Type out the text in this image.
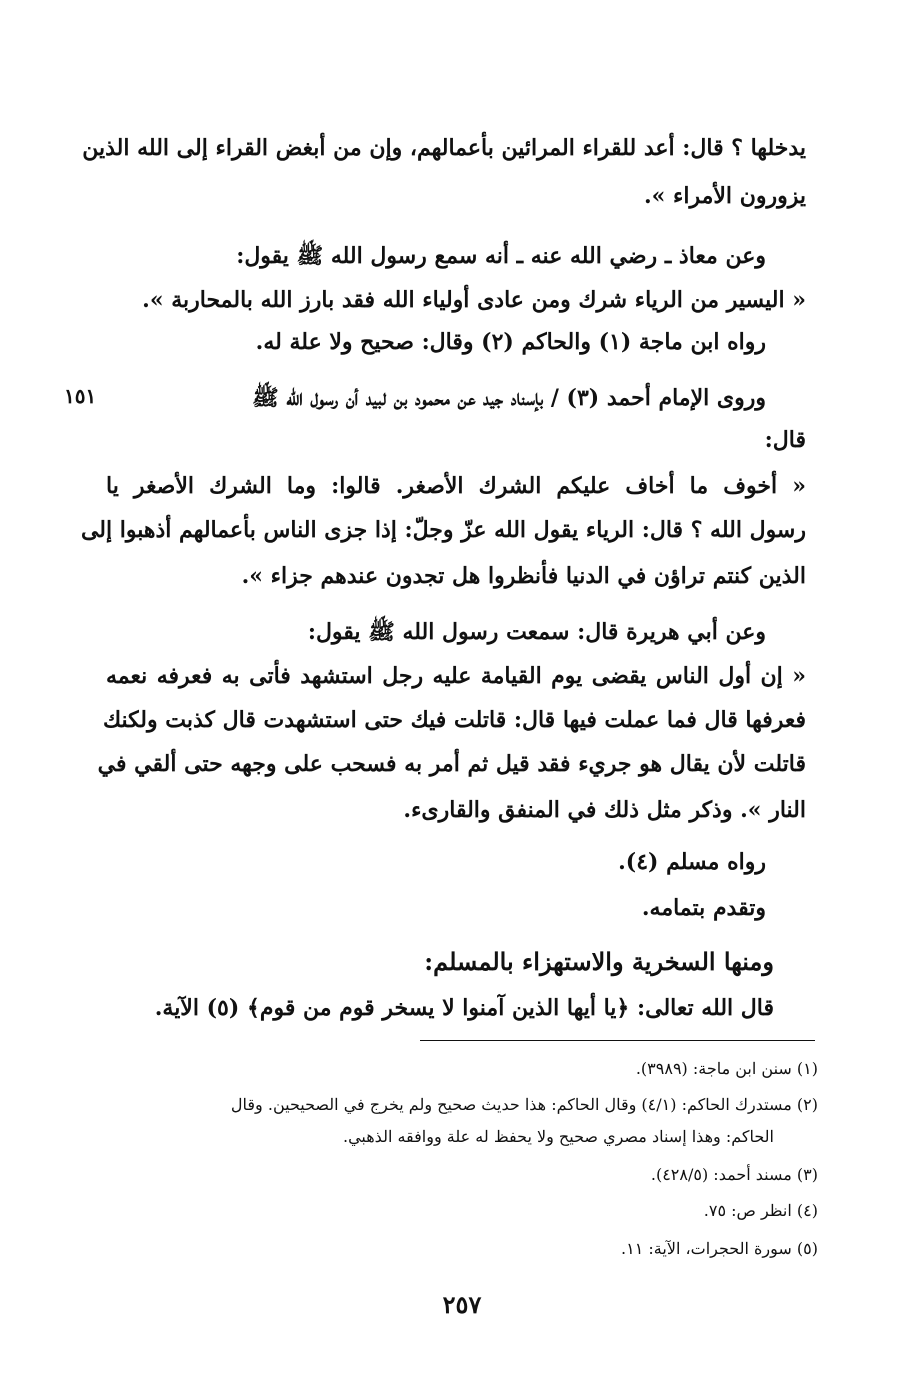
يدخلها ؟ قال: أعد للقراء المرائين بأعمالهم، وإن من أبغض القراء إلى الله الذين
يزورون الأمراء ».
وعن معاذ ـ رضي الله عنه ـ أنه سمع رسول الله ﷺ يقول:
« اليسير من الرياء شرك ومن عادى أولياء الله فقد بارز الله بالمحاربة ».
رواه ابن ماجة (١) والحاكم (٢) وقال: صحيح ولا علة له.
وروى الإمام أحمد (٣) / بإسناد جيد عن محمود بن لبيد أن رسول الله ﷺ
١٥١
قال:
« أخوف ما أخاف عليكم الشرك الأصغر. قالوا: وما الشرك الأصغر يا
رسول الله ؟ قال: الرياء يقول الله عزّ وجلّ: إذا جزى الناس بأعمالهم أذهبوا إلى
الذين كنتم تراؤن في الدنيا فأنظروا هل تجدون عندهم جزاء ».
وعن أبي هريرة قال: سمعت رسول الله ﷺ يقول:
« إن أول الناس يقضى يوم القيامة عليه رجل استشهد فأتى به فعرفه نعمه
فعرفها قال فما عملت فيها قال: قاتلت فيك حتى استشهدت قال كذبت ولكنك
قاتلت لأن يقال هو جريء فقد قيل ثم أمر به فسحب على وجهه حتى ألقي في
النار ». وذكر مثل ذلك في المنفق والقارىء.
رواه مسلم (٤).
وتقدم بتمامه.
ومنها السخرية والاستهزاء بالمسلم:
قال الله تعالى: ﴿يا أيها الذين آمنوا لا يسخر قوم من قوم﴾ (٥) الآية.
(١) سنن ابن ماجة: (٣٩٨٩).
(٢) مستدرك الحاكم: (٤/١) وقال الحاكم: هذا حديث صحيح ولم يخرج في الصحيحين. وقال
الحاكم: وهذا إسناد مصري صحيح ولا يحفظ له علة ووافقه الذهبي.
(٣) مسند أحمد: (٤٢٨/٥).
(٤) انظر ص: ٧٥.
(٥) سورة الحجرات، الآية: ١١.
٢٥٧
